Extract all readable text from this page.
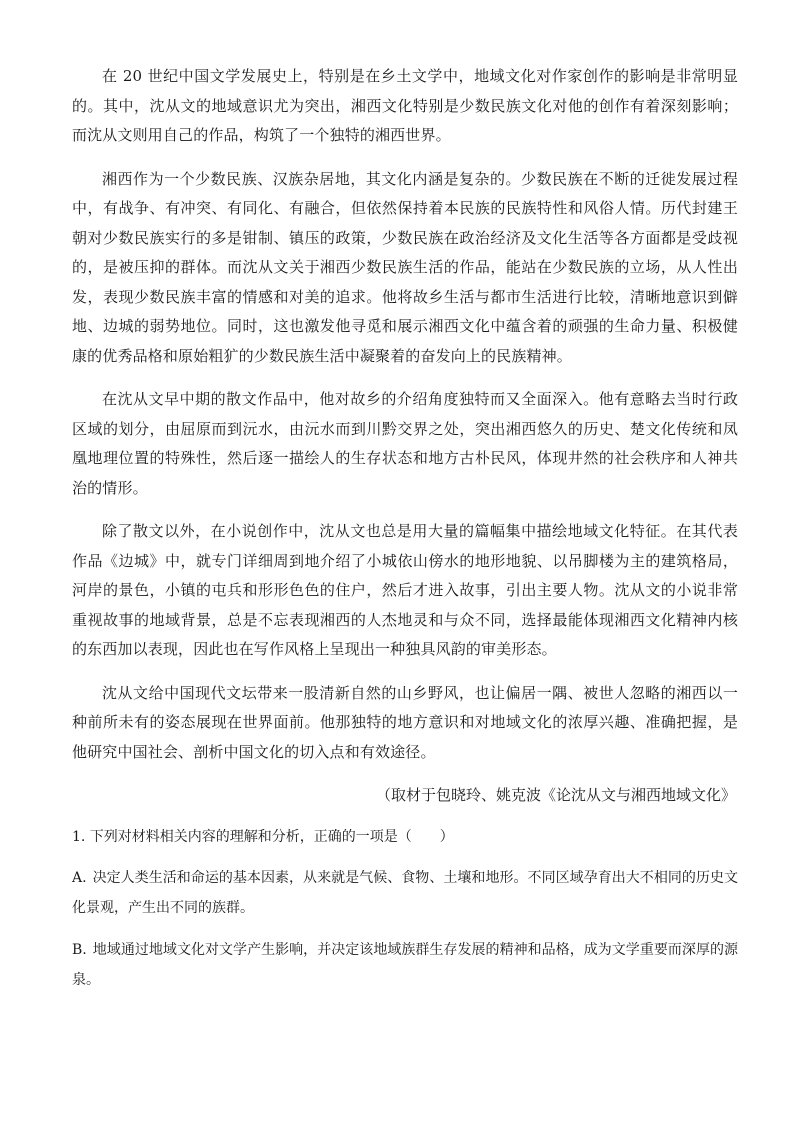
在 20 世纪中国文学发展史上，特别是在乡土文学中，地域文化对作家创作的影响是非常明显的。其中，沈从文的地域意识尤为突出，湘西文化特别是少数民族文化对他的创作有着深刻影响；而沈从文则用自己的作品，构筑了一个独特的湘西世界。

湘西作为一个少数民族、汉族杂居地，其文化内涵是复杂的。少数民族在不断的迁徙发展过程中，有战争、有冲突、有同化、有融合，但依然保持着本民族的民族特性和风俗人情。历代封建王朝对少数民族实行的多是钳制、镇压的政策，少数民族在政治经济及文化生活等各方面都是受歧视的，是被压抑的群体。而沈从文关于湘西少数民族生活的作品，能站在少数民族的立场，从人性出发，表现少数民族丰富的情感和对美的追求。他将故乡生活与都市生活进行比较，清晰地意识到僻地、边城的弱势地位。同时，这也激发他寻觅和展示湘西文化中蕴含着的顽强的生命力量、积极健康的优秀品格和原始粗犷的少数民族生活中凝聚着的奋发向上的民族精神。

在沈从文早中期的散文作品中，他对故乡的介绍角度独特而又全面深入。他有意略去当时行政区域的划分，由屈原而到沅水，由沅水而到川黔交界之处，突出湘西悠久的历史、楚文化传统和凤凰地理位置的特殊性，然后逐一描绘人的生存状态和地方古朴民风，体现井然的社会秩序和人神共治的情形。

除了散文以外，在小说创作中，沈从文也总是用大量的篇幅集中描绘地域文化特征。在其代表作品《边城》中，就专门详细周到地介绍了小城依山傍水的地形地貌、以吊脚楼为主的建筑格局，河岸的景色，小镇的屯兵和形形色色的住户，然后才进入故事，引出主要人物。沈从文的小说非常重视故事的地域背景，总是不忘表现湘西的人杰地灵和与众不同，选择最能体现湘西文化精神内核的东西加以表现，因此也在写作风格上呈现出一种独具风韵的审美形态。

沈从文给中国现代文坛带来一股清新自然的山乡野风，也让偏居一隅、被世人忽略的湘西以一种前所未有的姿态展现在世界面前。他那独特的地方意识和对地域文化的浓厚兴趣、准确把握，是他研究中国社会、剖析中国文化的切入点和有效途径。

（取材于包晓玲、姚克波《论沈从文与湘西地域文化》

1. 下列对材料相关内容的理解和分析，正确的一项是（　　）

A. 决定人类生活和命运的基本因素，从来就是气候、食物、土壤和地形。不同区域孕育出大不相同的历史文化景观，产生出不同的族群。

B. 地域通过地域文化对文学产生影响，并决定该地域族群生存发展的精神和品格，成为文学重要而深厚的源泉。
